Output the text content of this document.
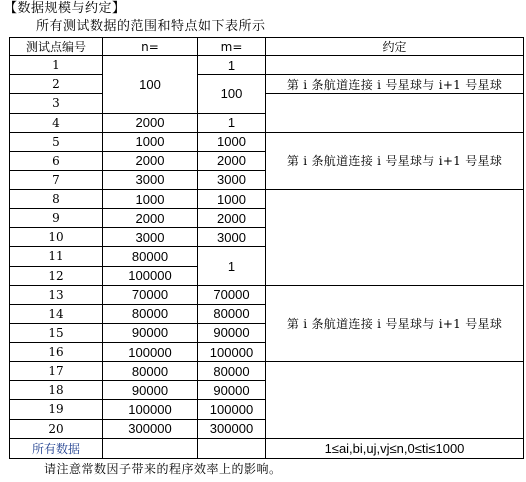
【数据规模与约定】
所有测试数据的范围和特点如下表所示
测试点编号	n=	m=	约定
1	100	1	
2		100	第 i 条航道连接 i 号星球与 i+1 号星球
3			
4	2000	1	
5	1000	1000	第 i 条航道连接 i 号星球与 i+1 号星球
6	2000	2000	
7	3000	3000	
8	1000	1000	
9	2000	2000	
10	3000	3000	
11	80000	1	
12	100000		
13	70000	70000	第 i 条航道连接 i 号星球与 i+1 号星球
14	80000	80000	
15	90000	90000	
16	100000	100000	
17	80000	80000	
18	90000	90000	
19	100000	100000	
20	300000	300000	
所有数据			1≤ai,bi,uj,vj≤n,0≤ti≤1000
请注意常数因子带来的程序效率上的影响。
